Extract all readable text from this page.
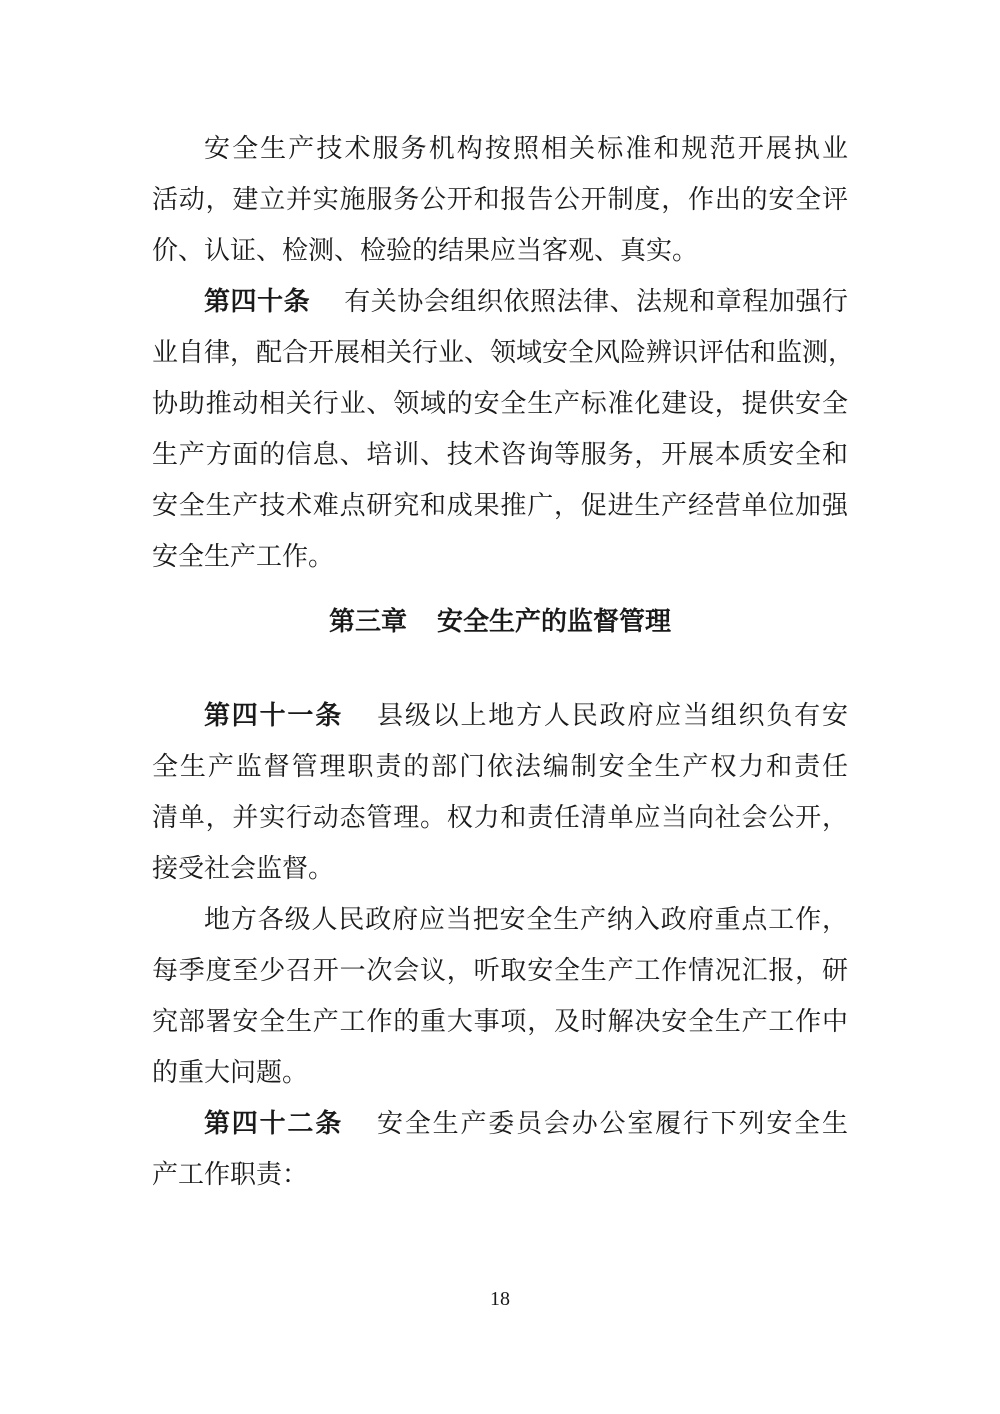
安全生产技术服务机构按照相关标准和规范开展执业
活动，建立并实施服务公开和报告公开制度，作出的安全评
价、认证、检测、检验的结果应当客观、真实。
第四十条 有关协会组织依照法律、法规和章程加强行
业自律，配合开展相关行业、领域安全风险辨识评估和监测，
协助推动相关行业、领域的安全生产标准化建设，提供安全
生产方面的信息、培训、技术咨询等服务，开展本质安全和
安全生产技术难点研究和成果推广，促进生产经营单位加强
安全生产工作。
第三章 安全生产的监督管理
第四十一条 县级以上地方人民政府应当组织负有安
全生产监督管理职责的部门依法编制安全生产权力和责任
清单，并实行动态管理。权力和责任清单应当向社会公开，
接受社会监督。
地方各级人民政府应当把安全生产纳入政府重点工作，
每季度至少召开一次会议，听取安全生产工作情况汇报，研
究部署安全生产工作的重大事项，及时解决安全生产工作中
的重大问题。
第四十二条 安全生产委员会办公室履行下列安全生
产工作职责：
18
